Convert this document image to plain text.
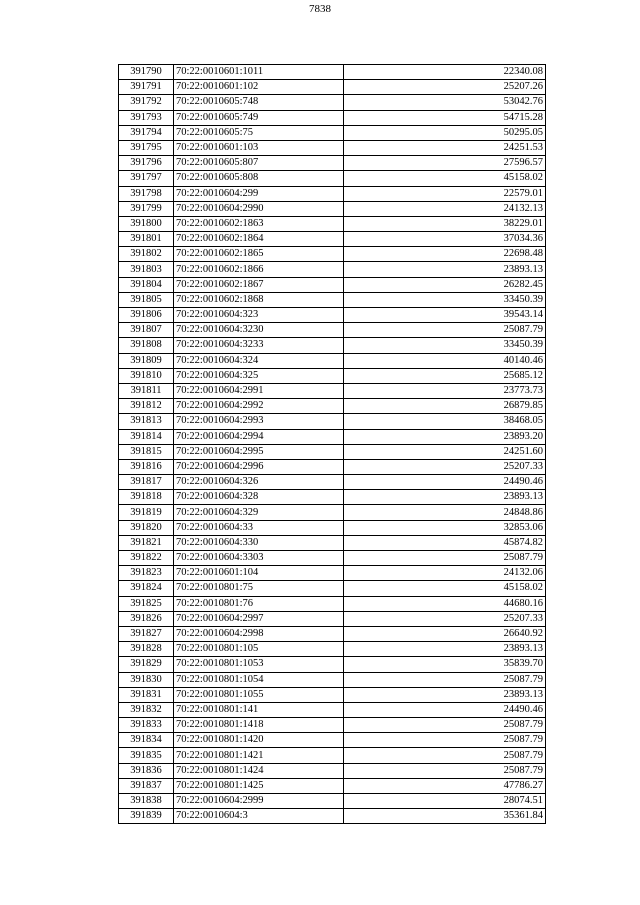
7838
391790	70:22:0010601:1011	22340.08
391791	70:22:0010601:102	25207.26
391792	70:22:0010605:748	53042.76
391793	70:22:0010605:749	54715.28
391794	70:22:0010605:75	50295.05
391795	70:22:0010601:103	24251.53
391796	70:22:0010605:807	27596.57
391797	70:22:0010605:808	45158.02
391798	70:22:0010604:299	22579.01
391799	70:22:0010604:2990	24132.13
391800	70:22:0010602:1863	38229.01
391801	70:22:0010602:1864	37034.36
391802	70:22:0010602:1865	22698.48
391803	70:22:0010602:1866	23893.13
391804	70:22:0010602:1867	26282.45
391805	70:22:0010602:1868	33450.39
391806	70:22:0010604:323	39543.14
391807	70:22:0010604:3230	25087.79
391808	70:22:0010604:3233	33450.39
391809	70:22:0010604:324	40140.46
391810	70:22:0010604:325	25685.12
391811	70:22:0010604:2991	23773.73
391812	70:22:0010604:2992	26879.85
391813	70:22:0010604:2993	38468.05
391814	70:22:0010604:2994	23893.20
391815	70:22:0010604:2995	24251.60
391816	70:22:0010604:2996	25207.33
391817	70:22:0010604:326	24490.46
391818	70:22:0010604:328	23893.13
391819	70:22:0010604:329	24848.86
391820	70:22:0010604:33	32853.06
391821	70:22:0010604:330	45874.82
391822	70:22:0010604:3303	25087.79
391823	70:22:0010601:104	24132.06
391824	70:22:0010801:75	45158.02
391825	70:22:0010801:76	44680.16
391826	70:22:0010604:2997	25207.33
391827	70:22:0010604:2998	26640.92
391828	70:22:0010801:105	23893.13
391829	70:22:0010801:1053	35839.70
391830	70:22:0010801:1054	25087.79
391831	70:22:0010801:1055	23893.13
391832	70:22:0010801:141	24490.46
391833	70:22:0010801:1418	25087.79
391834	70:22:0010801:1420	25087.79
391835	70:22:0010801:1421	25087.79
391836	70:22:0010801:1424	25087.79
391837	70:22:0010801:1425	47786.27
391838	70:22:0010604:2999	28074.51
391839	70:22:0010604:3	35361.84
